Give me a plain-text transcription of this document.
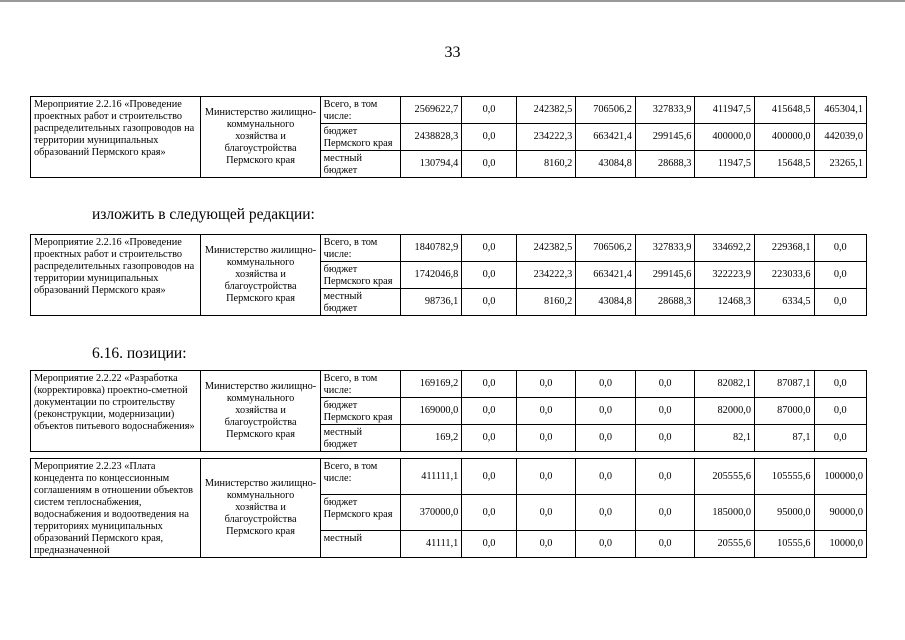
33
Мероприятие 2.2.16 «Проведение проектных работ и строительство распределительных газопроводов на территории муниципальных образований Пермского края»	Министерство жилищно-коммунального хозяйства и благоустройства Пермского края	Всего, в том числе:	2569622,7	0,0	242382,5	706506,2	327833,9	411947,5	415648,5	465304,1
		бюджет Пермского края	2438828,3	0,0	234222,3	663421,4	299145,6	400000,0	400000,0	442039,0
		местный бюджет	130794,4	0,0	8160,2	43084,8	28688,3	11947,5	15648,5	23265,1
изложить в следующей редакции:
Мероприятие 2.2.16 «Проведение проектных работ и строительство распределительных газопроводов на территории муниципальных образований Пермского края»	Министерство жилищно-коммунального хозяйства и благоустройства Пермского края	Всего, в том числе:	1840782,9	0,0	242382,5	706506,2	327833,9	334692,2	229368,1	0,0
		бюджет Пермского края	1742046,8	0,0	234222,3	663421,4	299145,6	322223,9	223033,6	0,0
		местный бюджет	98736,1	0,0	8160,2	43084,8	28688,3	12468,3	6334,5	0,0
6.16. позиции:
Мероприятие 2.2.22 «Разработка (корректировка) проектно-сметной документации по строительству (реконструкции, модернизации) объектов питьевого водоснабжения»	Министерство жилищно-коммунального хозяйства и благоустройства Пермского края	Всего, в том числе:	169169,2	0,0	0,0	0,0	0,0	82082,1	87087,1	0,0
		бюджет Пермского края	169000,0	0,0	0,0	0,0	0,0	82000,0	87000,0	0,0
		местный бюджет	169,2	0,0	0,0	0,0	0,0	82,1	87,1	0,0

Мероприятие 2.2.23 «Плата концедента по концессионным соглашениям в отношении объектов систем теплоснабжения, водоснабжения и водоотведения на территориях муниципальных образований Пермского края, предназначенной	Министерство жилищно-коммунального хозяйства и благоустройства Пермского края	Всего, в том числе:	411111,1	0,0	0,0	0,0	0,0	205555,6	105555,6	100000,0
		бюджет Пермского края	370000,0	0,0	0,0	0,0	0,0	185000,0	95000,0	90000,0
		местный	41111,1	0,0	0,0	0,0	0,0	20555,6	10555,6	10000,0
